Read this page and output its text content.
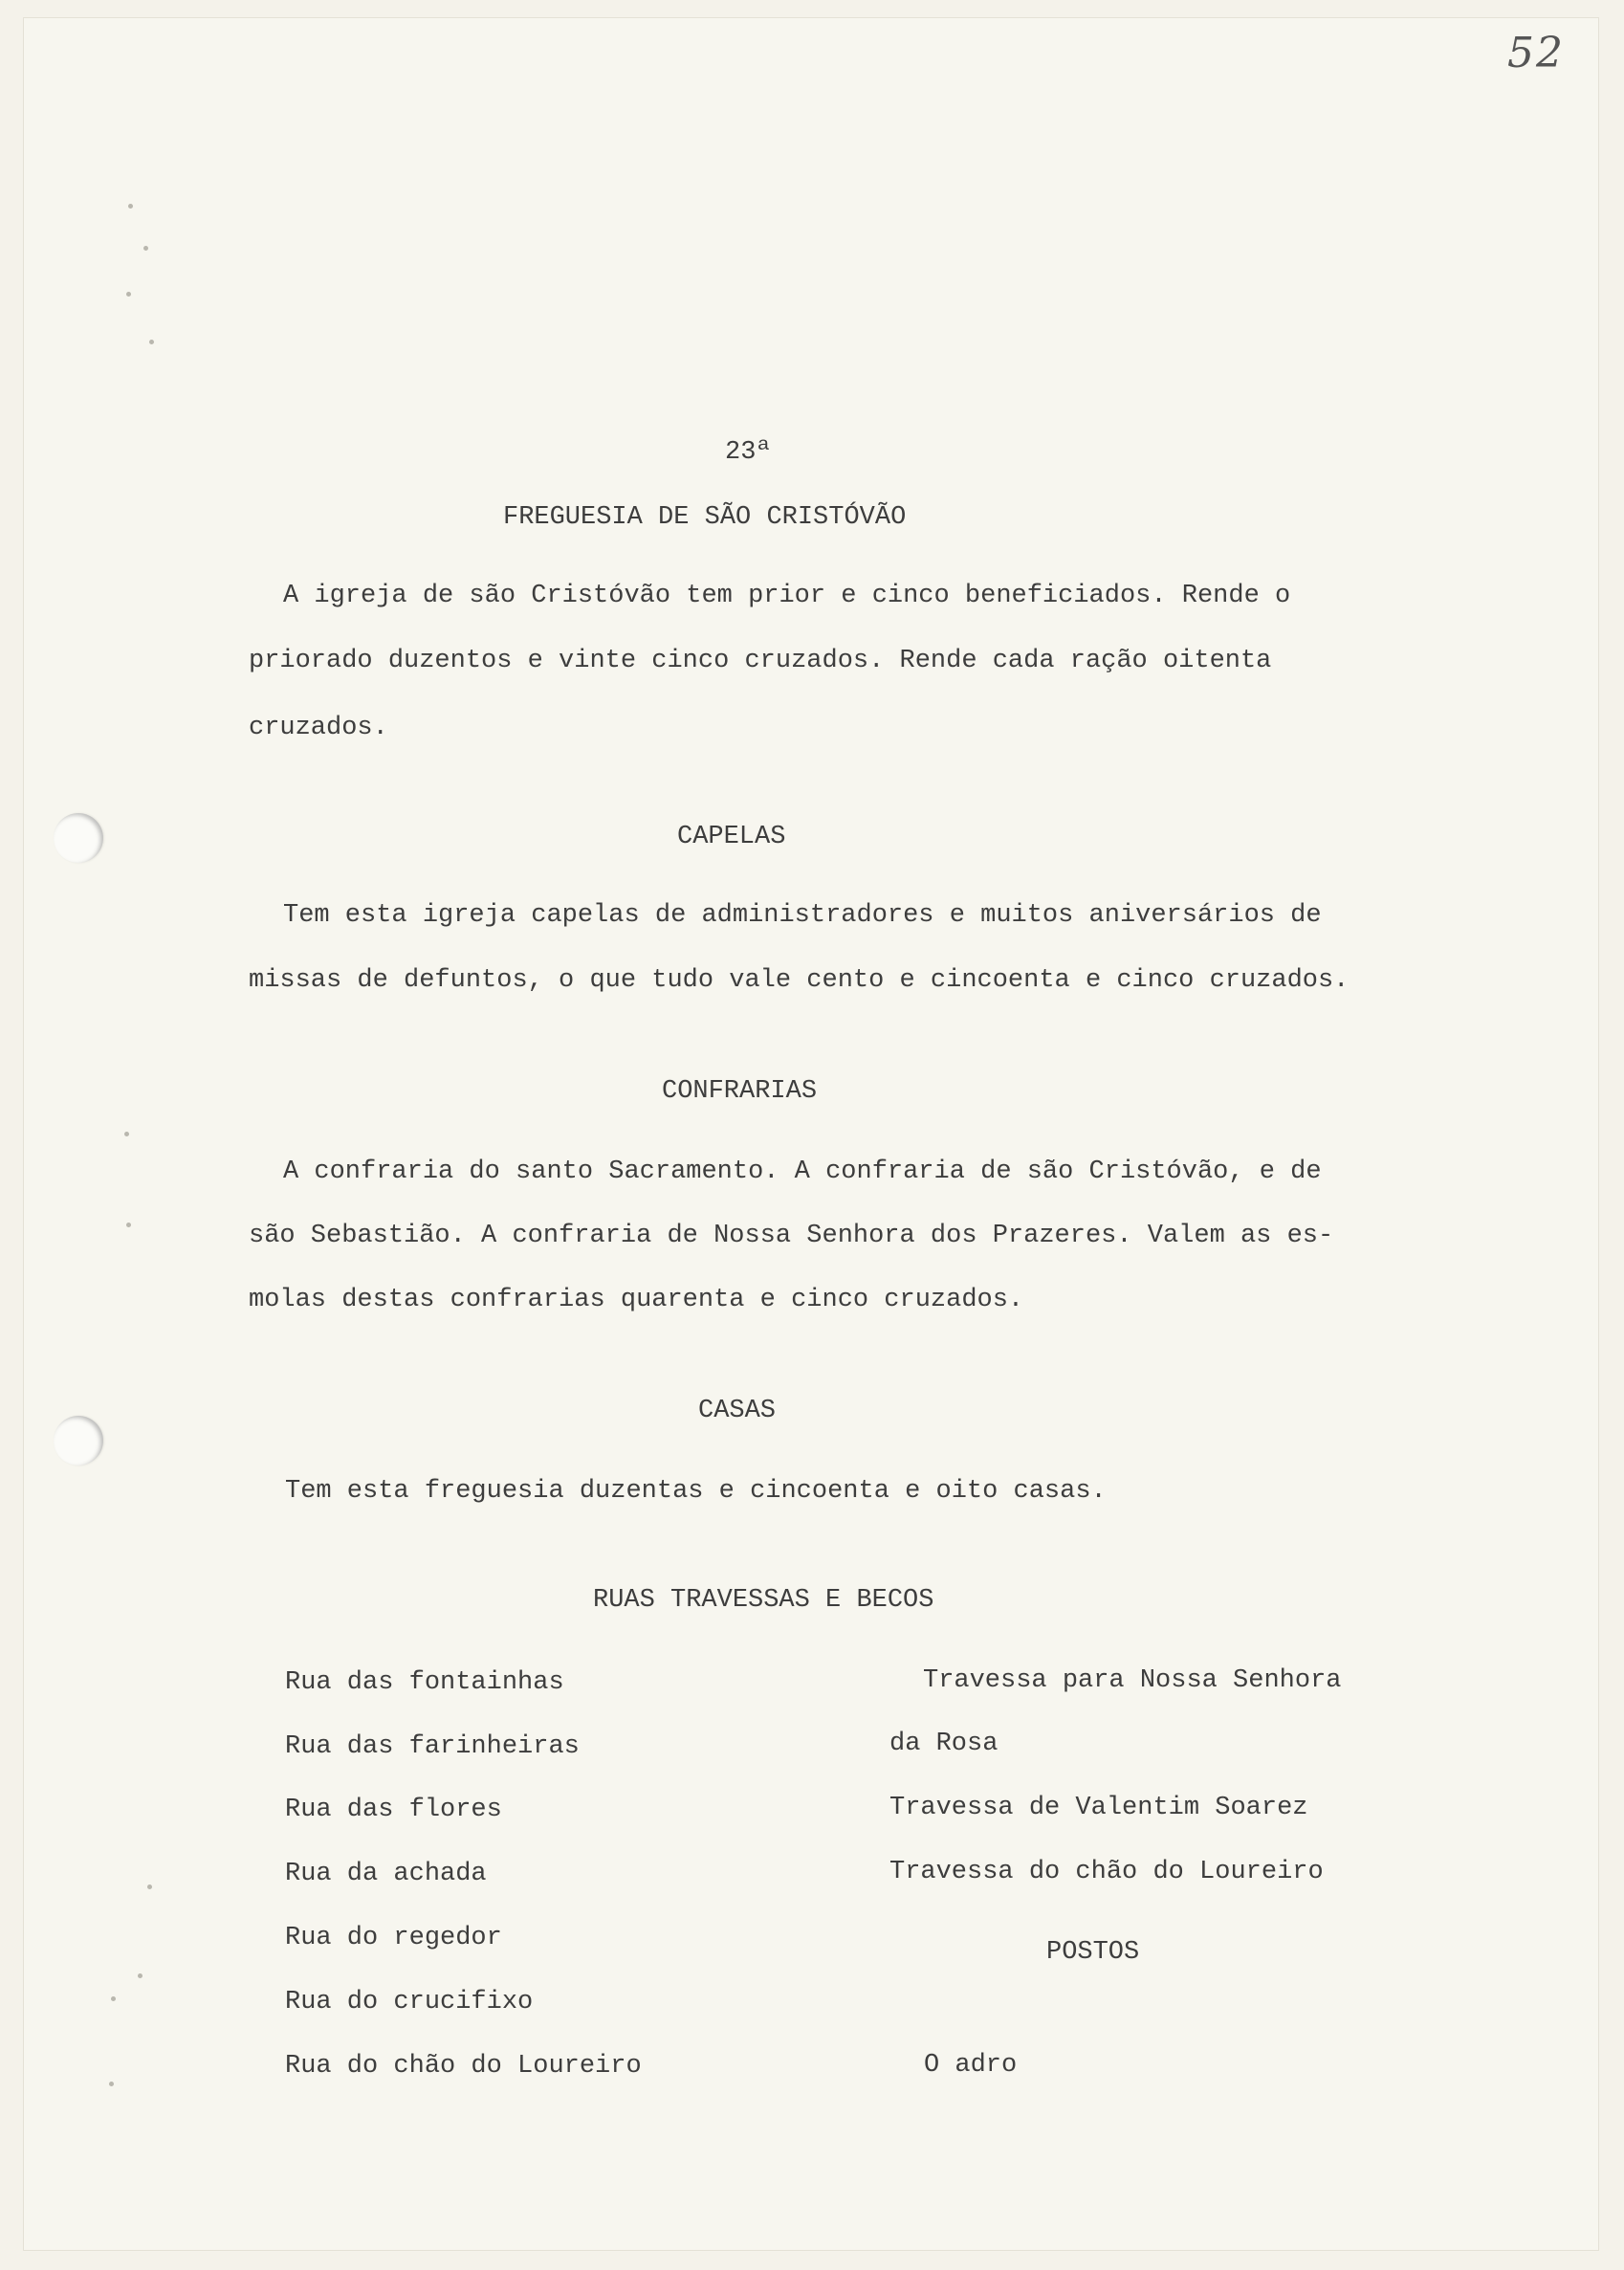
52
23ª
FREGUESIA DE SÃO CRISTÓVÃO
A igreja de são Cristóvão tem prior e cinco beneficiados. Rende o
priorado duzentos e vinte cinco cruzados. Rende cada ração oitenta
cruzados.
CAPELAS
Tem esta igreja capelas de administradores e muitos aniversários de
missas de defuntos, o que tudo vale cento e cincoenta e cinco cruzados.
CONFRARIAS
A confraria do santo Sacramento. A confraria de são Cristóvão, e de
são Sebastião. A confraria de Nossa Senhora dos Prazeres. Valem as es-
molas destas confrarias quarenta e cinco cruzados.
CASAS
Tem esta freguesia duzentas e cincoenta e oito casas.
RUAS TRAVESSAS E BECOS
Rua das fontainhas
Rua das farinheiras
Rua das flores
Rua da achada
Rua do regedor
Rua do crucifixo
Rua do chão do Loureiro
Travessa para Nossa Senhora
da Rosa
Travessa de Valentim Soarez
Travessa do chão do Loureiro
POSTOS
O adro
